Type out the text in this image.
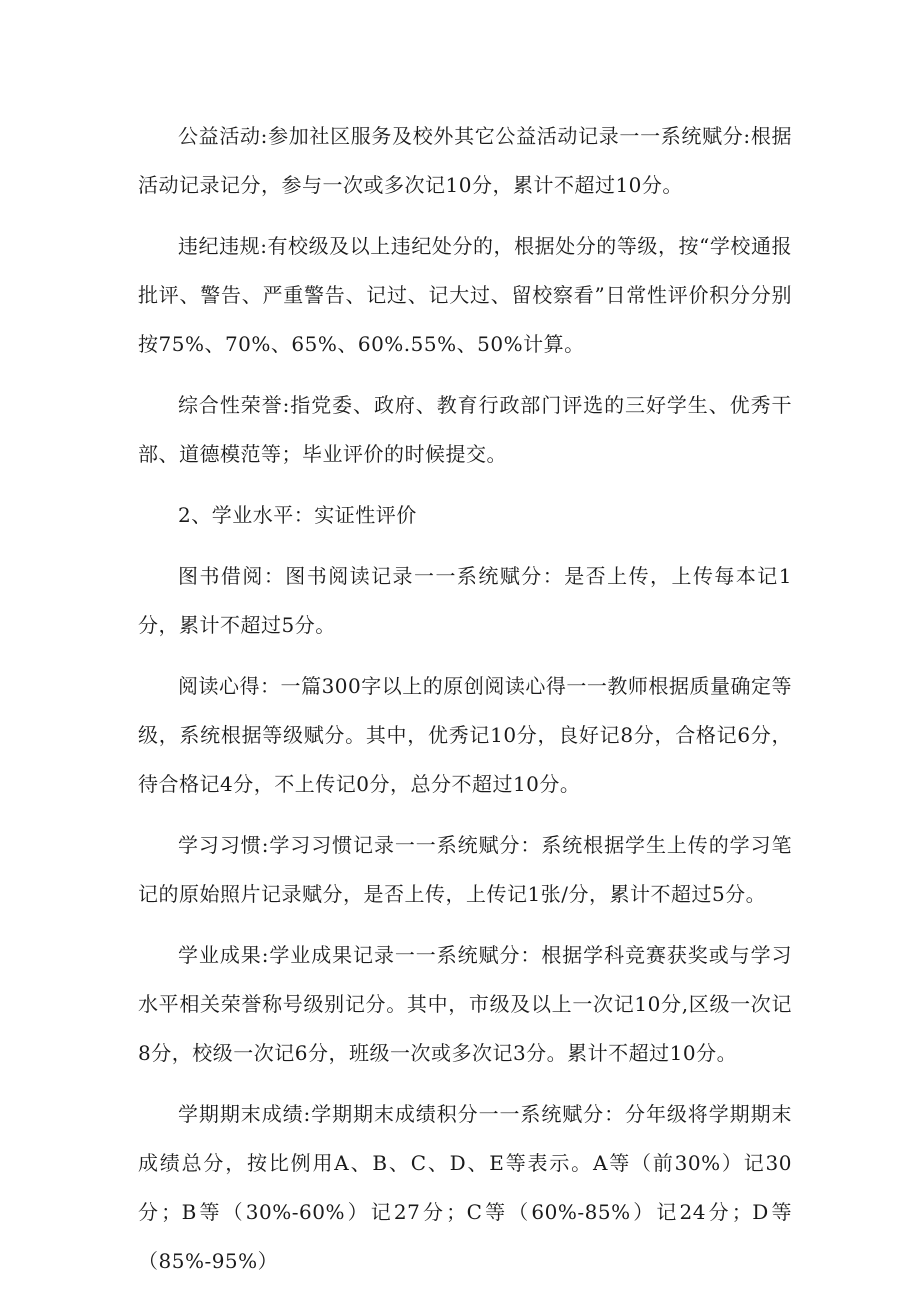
公益活动:参加社区服务及校外其它公益活动记录一一系统赋分:根据活动记录记分，参与一次或多次记10分，累计不超过10分。

违纪违规:有校级及以上违纪处分的，根据处分的等级，按“学校通报批评、警告、严重警告、记过、记大过、留校察看”日常性评价积分分别按75%、70%、65%、60%.55%、50%计算。

综合性荣誉:指党委、政府、教育行政部门评选的三好学生、优秀干部、道德模范等；毕业评价的时候提交。

2、学业水平：实证性评价

图书借阅：图书阅读记录一一系统赋分：是否上传，上传每本记1分，累计不超过5分。

阅读心得：一篇300字以上的原创阅读心得一一教师根据质量确定等级，系统根据等级赋分。其中，优秀记10分，良好记8分，合格记6分，待合格记4分，不上传记0分，总分不超过10分。

学习习惯:学习习惯记录一一系统赋分：系统根据学生上传的学习笔记的原始照片记录赋分，是否上传，上传记1张/分，累计不超过5分。

学业成果:学业成果记录一一系统赋分：根据学科竞赛获奖或与学习水平相关荣誉称号级别记分。其中，市级及以上一次记10分,区级一次记8分，校级一次记6分，班级一次或多次记3分。累计不超过10分。

学期期末成绩:学期期末成绩积分一一系统赋分：分年级将学期期末成绩总分，按比例用A、B、C、D、E等表示。A等（前30%）记30分；B等（30%-60%）记27分；C等（60%-85%）记24分；D等（85%-95%）
